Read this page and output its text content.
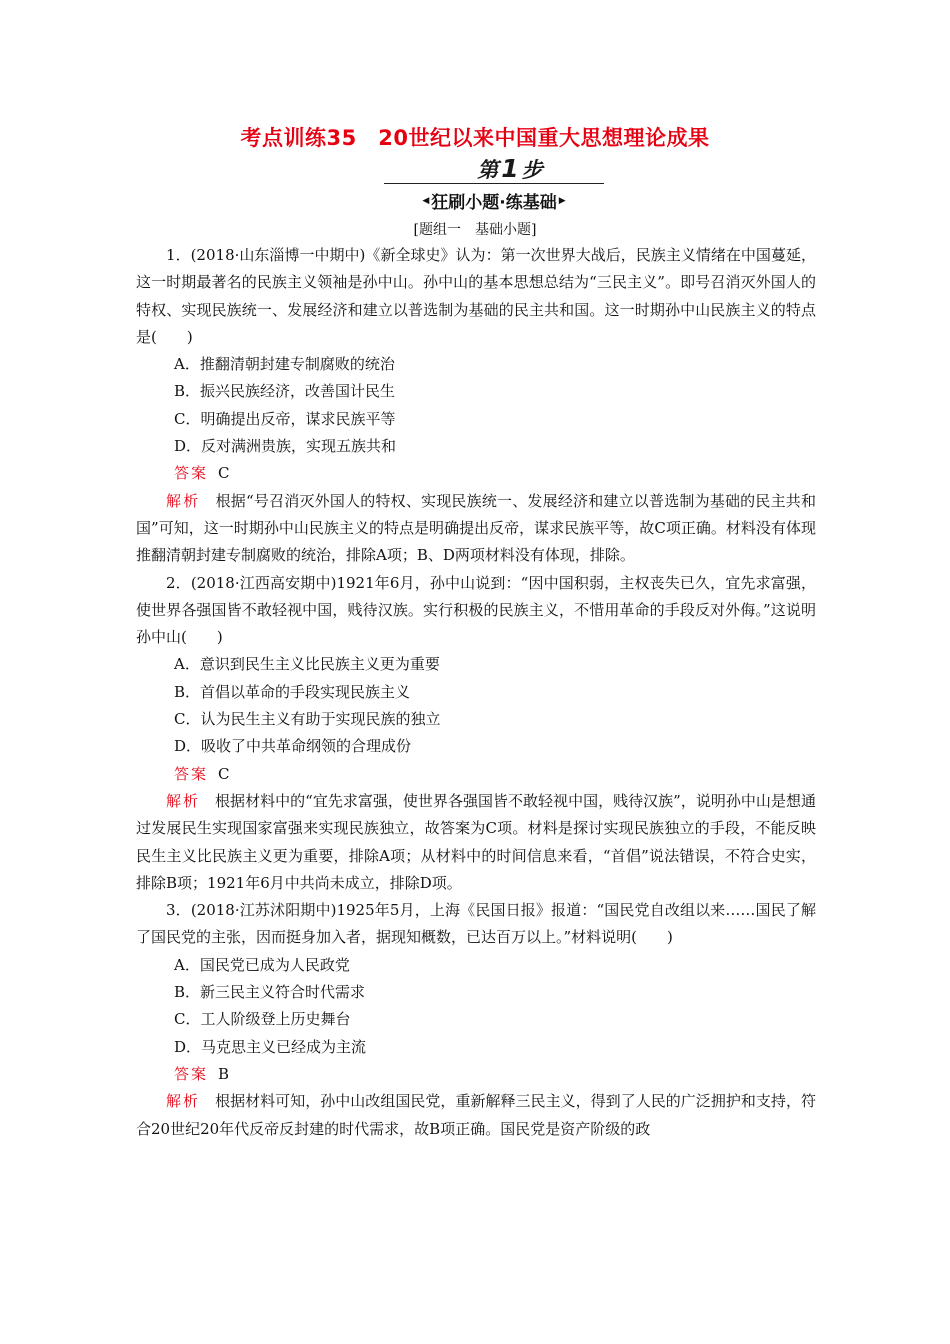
考点训练35　20世纪以来中国重大思想理论成果
第 1 步
◀ 狂刷小题·练基础 ▶
[题组一　基础小题]

1．(2018·山东淄博一中期中)《新全球史》认为：第一次世界大战后，民族主义情绪在中国蔓延，这一时期最著名的民族主义领袖是孙中山。孙中山的基本思想总结为“三民主义”。即号召消灭外国人的特权、实现民族统一、发展经济和建立以普选制为基础的民主共和国。这一时期孙中山民族主义的特点是(　　)

A．推翻清朝封建专制腐败的统治

B．振兴民族经济，改善国计民生

C．明确提出反帝，谋求民族平等

D．反对满洲贵族，实现五族共和

答案 C

解析　 根据“号召消灭外国人的特权、实现民族统一、发展经济和建立以普选制为基础的民主共和国”可知，这一时期孙中山民族主义的特点是明确提出反帝，谋求民族平等，故C项正确。材料没有体现推翻清朝封建专制腐败的统治，排除A项；B、D两项材料没有体现，排除。

2．(2018·江西高安期中)1921年6月，孙中山说到：“因中国积弱，主权丧失已久，宜先求富强，使世界各强国皆不敢轻视中国，贱待汉族。实行积极的民族主义，不惜用革命的手段反对外侮。”这说明孙中山(　　)

A．意识到民生主义比民族主义更为重要

B．首倡以革命的手段实现民族主义

C．认为民生主义有助于实现民族的独立

D．吸收了中共革命纲领的合理成份

答案 C

解析　 根据材料中的“宜先求富强，使世界各强国皆不敢轻视中国，贱待汉族”，说明孙中山是想通过发展民生实现国家富强来实现民族独立，故答案为C项。材料是探讨实现民族独立的手段，不能反映民生主义比民族主义更为重要，排除A项；从材料中的时间信息来看，“首倡”说法错误，不符合史实，排除B项；1921年6月中共尚未成立，排除D项。

3．(2018·江苏沭阳期中)1925年5月，上海《民国日报》报道：“国民党自改组以来……国民了解了国民党的主张，因而挺身加入者，据现知概数，已达百万以上。”材料说明(　　)

A．国民党已成为人民政党

B．新三民主义符合时代需求

C．工人阶级登上历史舞台

D．马克思主义已经成为主流

答案 B

解析　 根据材料可知，孙中山改组国民党，重新解释三民主义，得到了人民的广泛拥护和支持，符合20世纪20年代反帝反封建的时代需求，故B项正确。国民党是资产阶级的政
